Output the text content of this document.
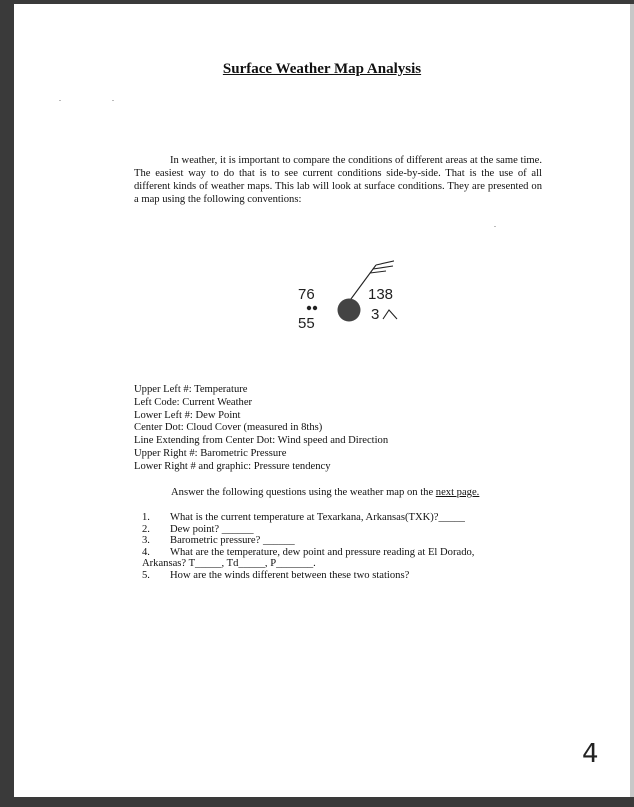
Surface Weather Map Analysis
In weather, it is important to compare the conditions of different areas at the same time. The easiest way to do that is to see current conditions side-by-side. That is the use of all different kinds of weather maps. This lab will look at surface conditions. They are presented on a map using the following conventions:
76
55
138
3
Upper Left #: Temperature
Left Code: Current Weather
Lower Left #: Dew Point
Center Dot: Cloud Cover (measured in 8ths)
Line Extending from Center Dot: Wind speed and Direction
Upper Right #: Barometric Pressure
Lower Right # and graphic: Pressure tendency
Answer the following questions using the weather map on the next page.
1.	What is the current temperature at Texarkana, Arkansas(TXK)?_____
2.	Dew point? ______
3.	Barometric pressure? ______
4.	What are the temperature, dew point and pressure reading at El Dorado,
Arkansas? T_____, Td_____, P_______.
5.	How are the winds different between these two stations?
4
